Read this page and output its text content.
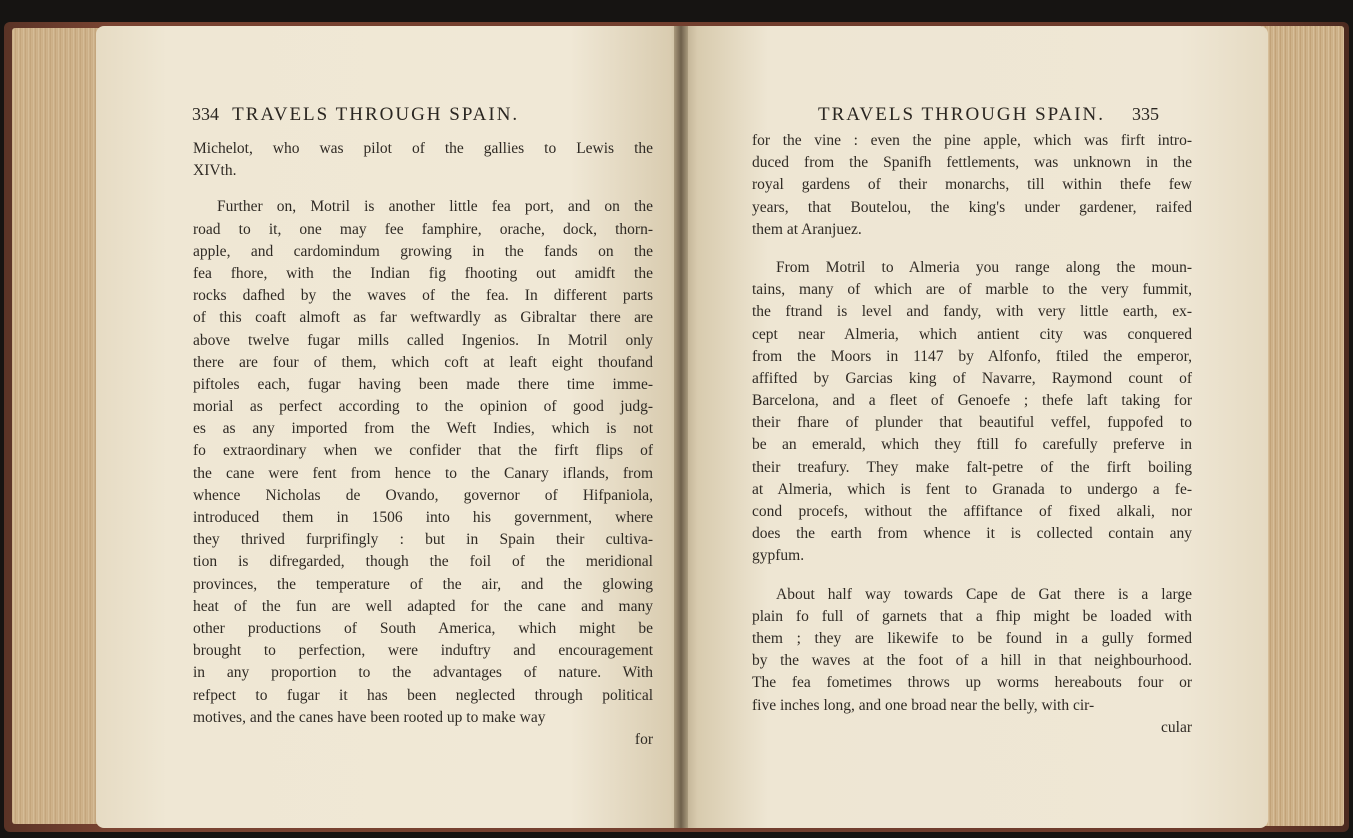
334 TRAVELS THROUGH SPAIN.
Michelot, who was pilot of the gallies to Lewis the
XIVth.
Further on, Motril is another little fea port, and on the
road to it, one may fee famphire, orache, dock, thorn-
apple, and cardomindum growing in the fands on the
fea fhore, with the Indian fig fhooting out amidft the
rocks dafhed by the waves of the fea. In different parts
of this coaft almoft as far weftwardly as Gibraltar there are
above twelve fugar mills called Ingenios. In Motril only
there are four of them, which coft at leaft eight thoufand
piftoles each, fugar having been made there time imme-
morial as perfect according to the opinion of good judg-
es as any imported from the Weft Indies, which is not
fo extraordinary when we confider that the firft flips of
the cane were fent from hence to the Canary iflands, from
whence Nicholas de Ovando, governor of Hifpaniola,
introduced them in 1506 into his government, where
they thrived furprifingly : but in Spain their cultiva-
tion is difregarded, though the foil of the meridional
provinces, the temperature of the air, and the glowing
heat of the fun are well adapted for the cane and many
other productions of South America, which might be
brought to perfection, were induftry and encouragement
in any proportion to the advantages of nature. With
refpect to fugar it has been neglected through political
motives, and the canes have been rooted up to make way
for
TRAVELS THROUGH SPAIN. 335
for the vine : even the pine apple, which was firft intro-
duced from the Spanifh fettlements, was unknown in the
royal gardens of their monarchs, till within thefe few
years, that Boutelou, the king's under gardener, raifed
them at Aranjuez.
From Motril to Almeria you range along the moun-
tains, many of which are of marble to the very fummit,
the ftrand is level and fandy, with very little earth, ex-
cept near Almeria, which antient city was conquered
from the Moors in 1147 by Alfonfo, ftiled the emperor,
affifted by Garcias king of Navarre, Raymond count of
Barcelona, and a fleet of Genoefe ; thefe laft taking for
their fhare of plunder that beautiful veffel, fuppofed to
be an emerald, which they ftill fo carefully preferve in
their treafury. They make falt-petre of the firft boiling
at Almeria, which is fent to Granada to undergo a fe-
cond procefs, without the affiftance of fixed alkali, nor
does the earth from whence it is collected contain any
gypfum.
About half way towards Cape de Gat there is a large
plain fo full of garnets that a fhip might be loaded with
them ; they are likewife to be found in a gully formed
by the waves at the foot of a hill in that neighbourhood.
The fea fometimes throws up worms hereabouts four or
five inches long, and one broad near the belly, with cir-
cular
